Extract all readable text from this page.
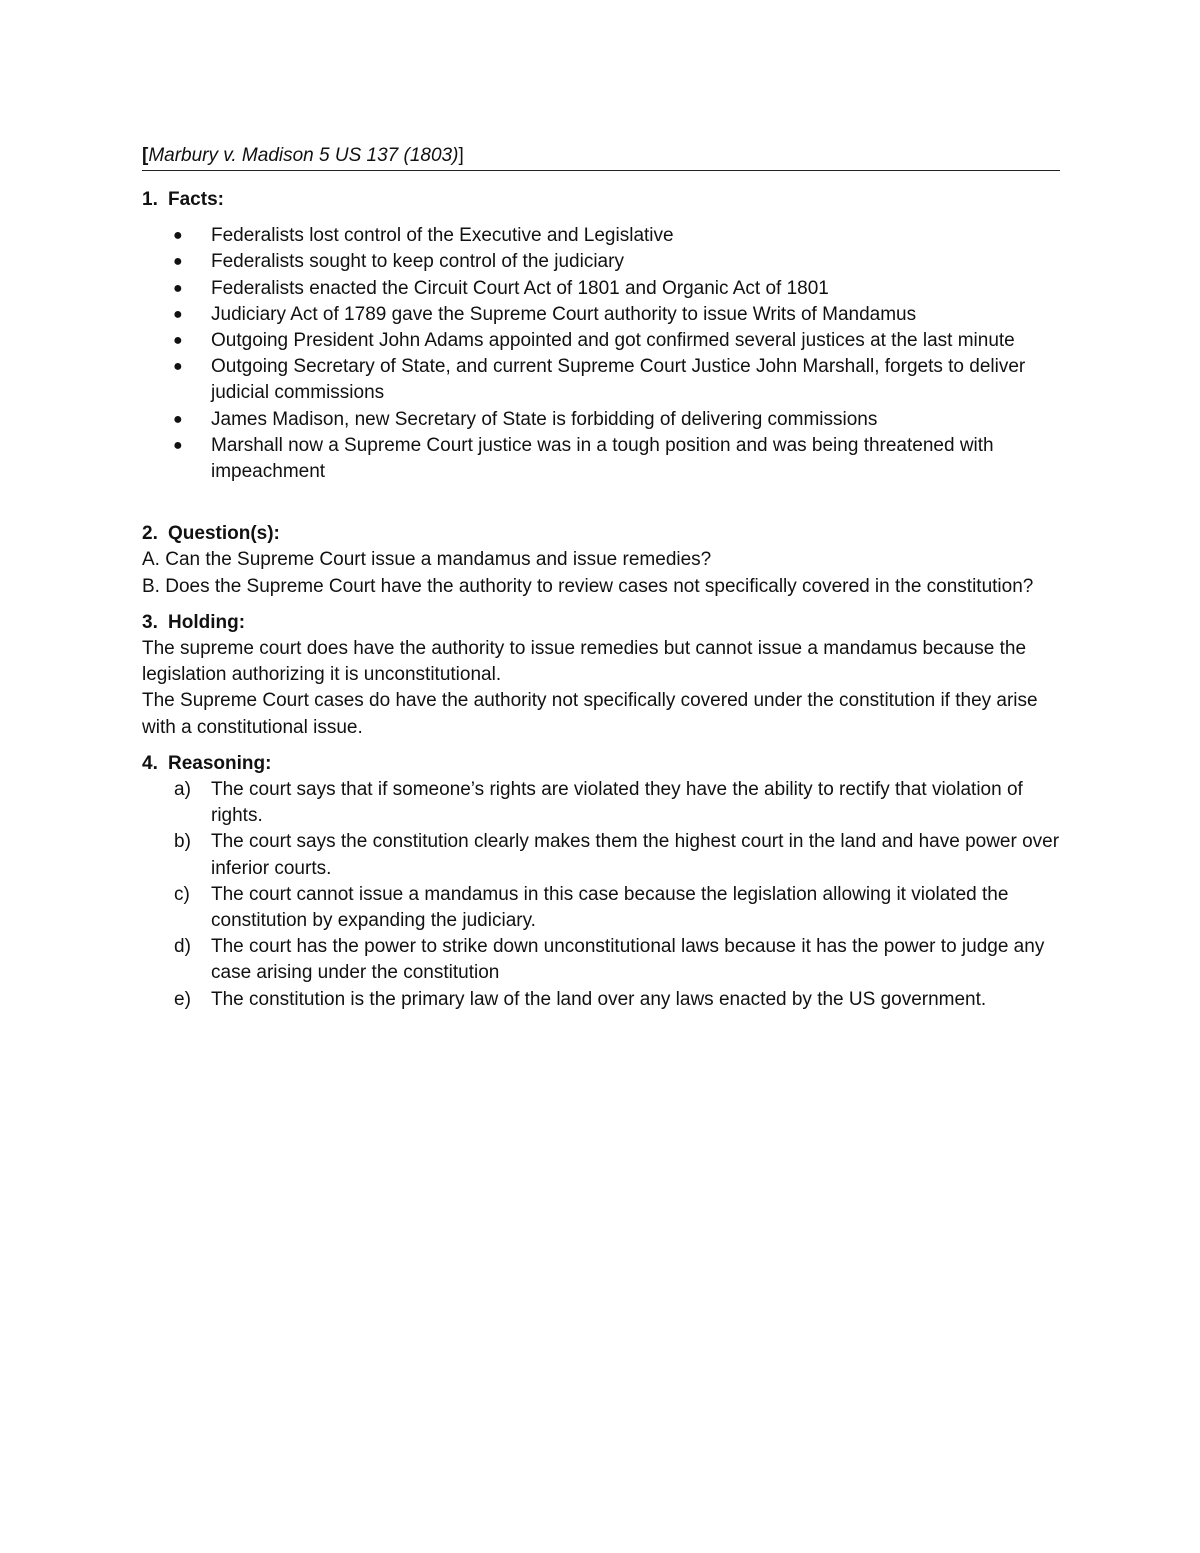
[Marbury v. Madison 5 US 137 (1803)]
1. Facts:
● Federalists lost control of the Executive and Legislative
● Federalists sought to keep control of the judiciary
● Federalists enacted the Circuit Court Act of 1801 and Organic Act of 1801
● Judiciary Act of 1789 gave the Supreme Court authority to issue Writs of Mandamus
● Outgoing President John Adams appointed and got confirmed several justices at the last minute
● Outgoing Secretary of State, and current Supreme Court Justice John Marshall, forgets to deliver judicial commissions
● James Madison, new Secretary of State is forbidding of delivering commissions
● Marshall now a Supreme Court justice was in a tough position and was being threatened with impeachment
2. Question(s):

A. Can the Supreme Court issue a mandamus and issue remedies?

B. Does the Supreme Court have the authority to review cases not specifically covered in the constitution?

3. Holding:

The supreme court does have the authority to issue remedies but cannot issue a mandamus because the legislation authorizing it is unconstitutional.

The Supreme Court cases do have the authority not specifically covered under the constitution if they arise with a constitutional issue.

4. Reasoning:
a) The court says that if someone’s rights are violated they have the ability to rectify that violation of rights.
b) The court says the constitution clearly makes them the highest court in the land and have power over inferior courts.
c) The court cannot issue a mandamus in this case because the legislation allowing it violated the constitution by expanding the judiciary.
d) The court has the power to strike down unconstitutional laws because it has the power to judge any case arising under the constitution
e) The constitution is the primary law of the land over any laws enacted by the US government.
